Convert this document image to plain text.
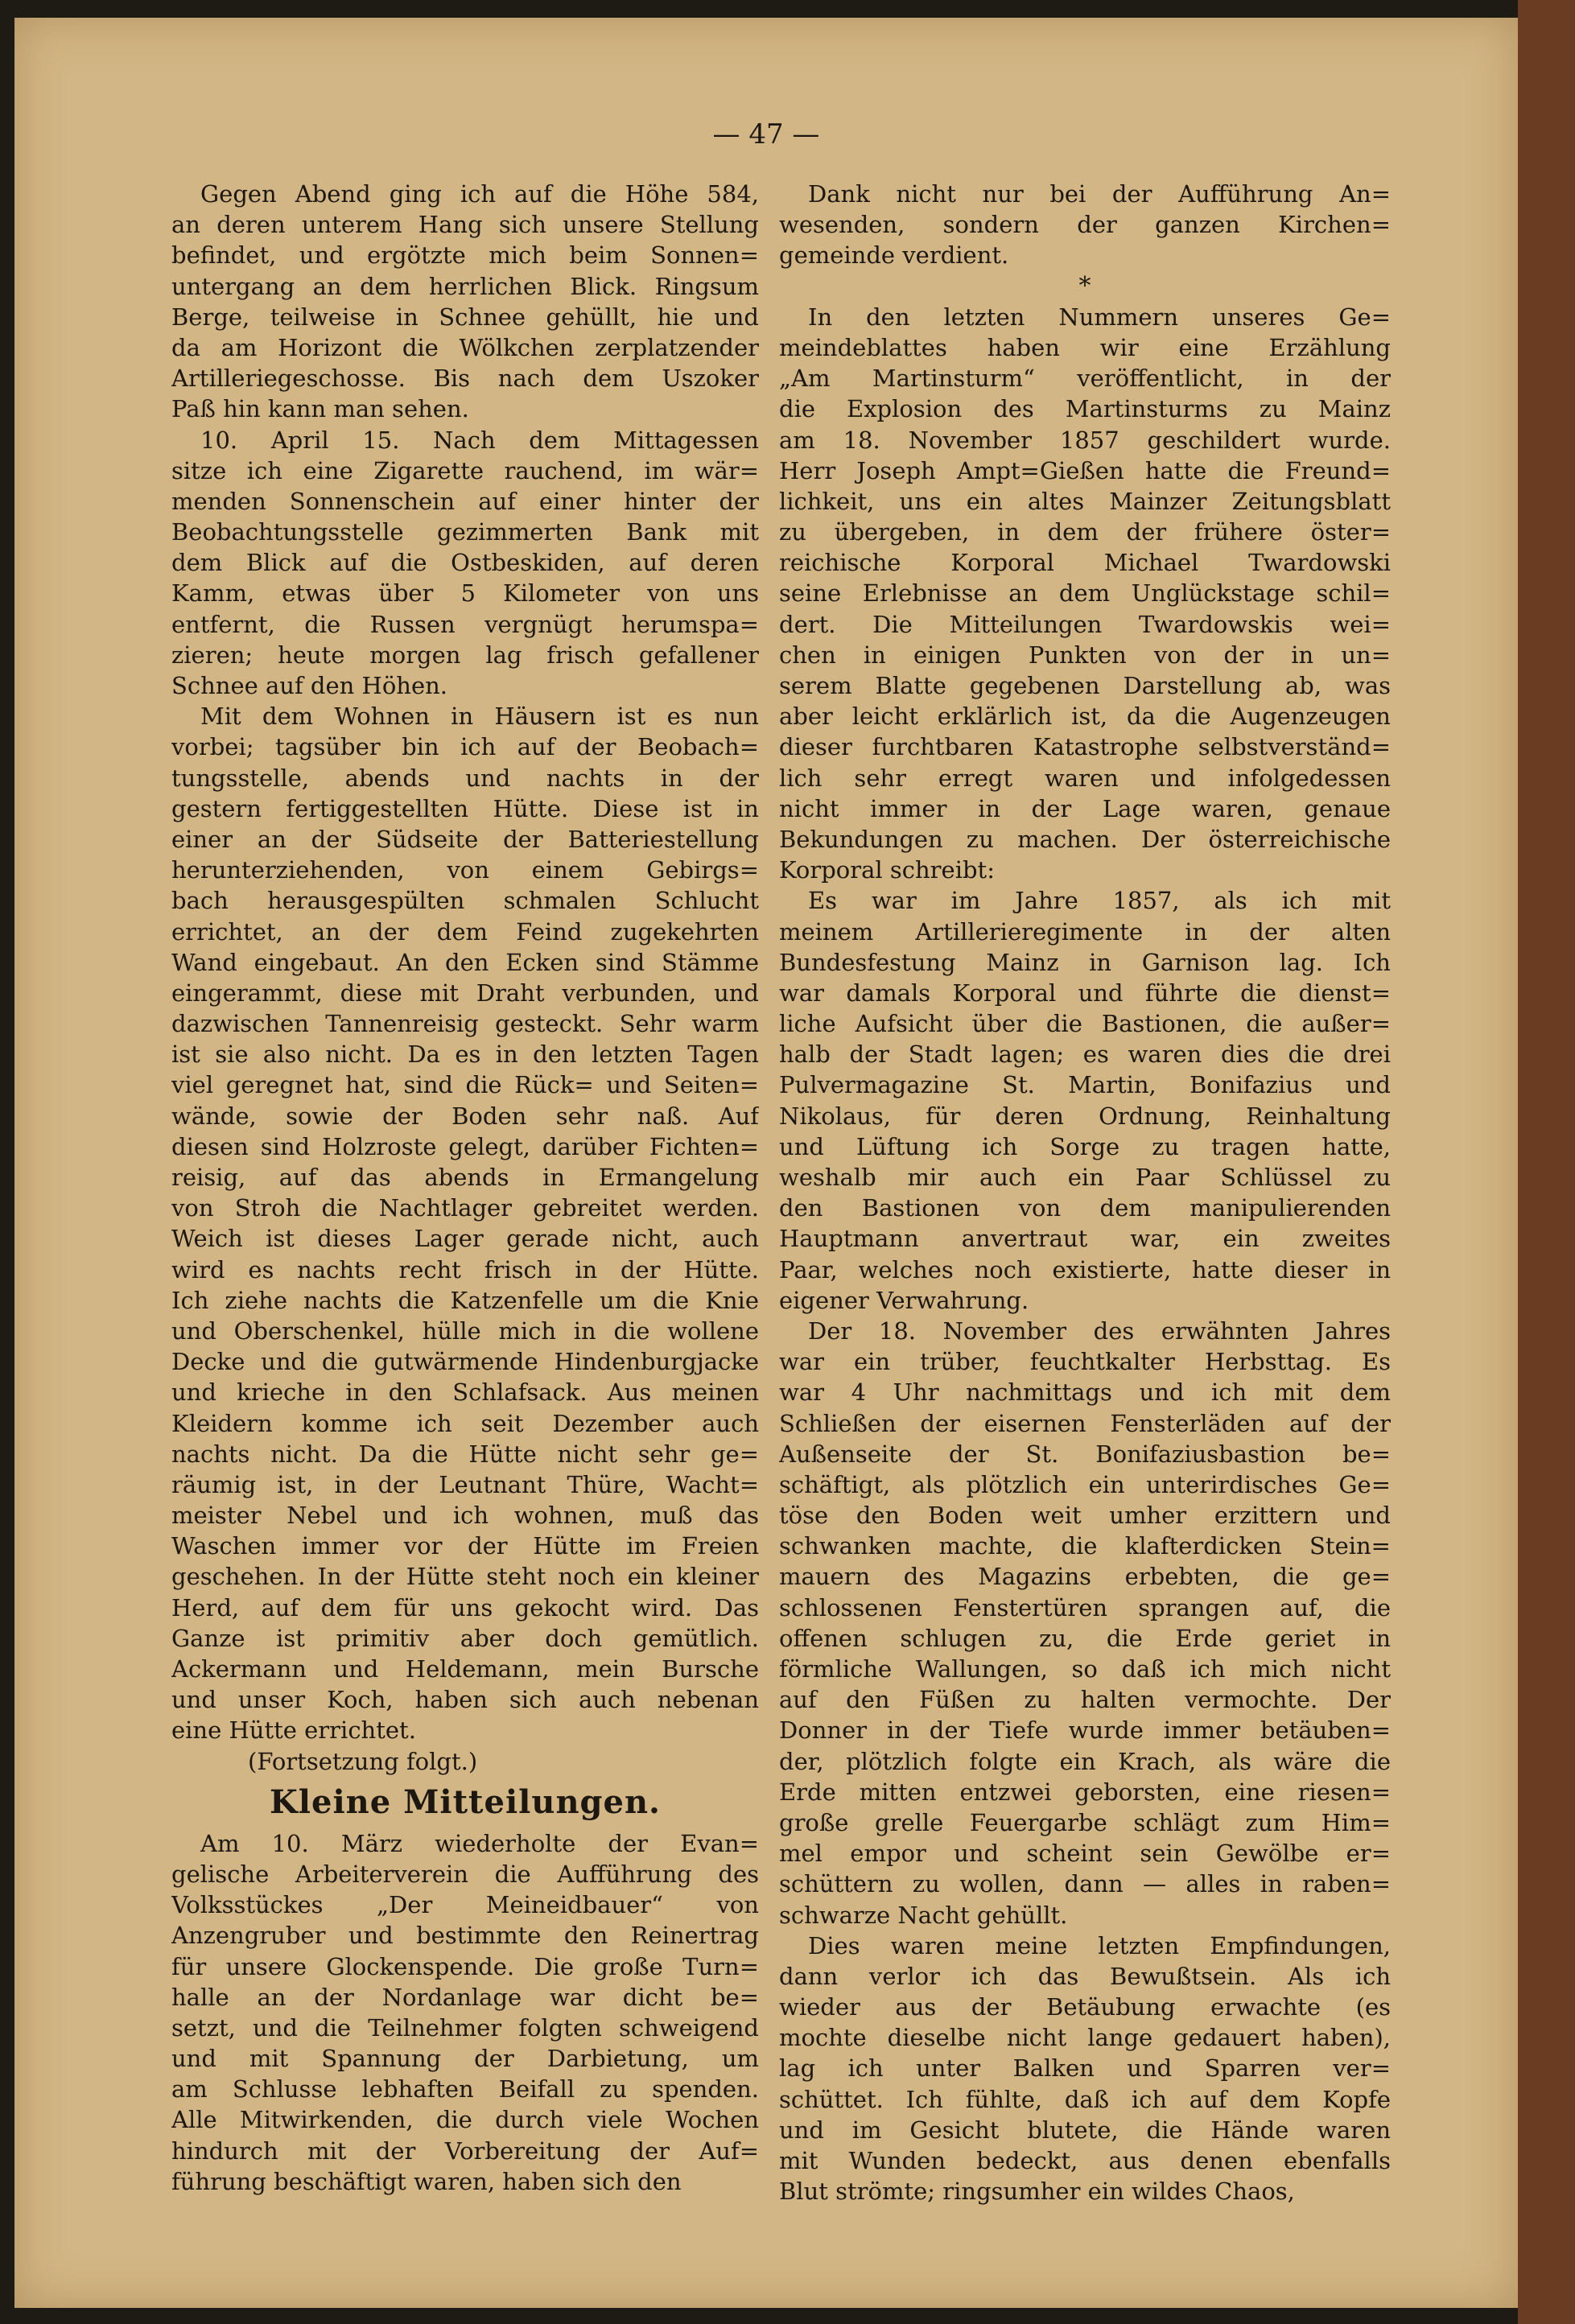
— 47 —
Gegen Abend ging ich auf die Höhe 584,
an deren unterem Hang sich unsere Stellung
befindet, und ergötzte mich beim Sonnen=
untergang an dem herrlichen Blick. Ringsum
Berge, teilweise in Schnee gehüllt, hie und
da am Horizont die Wölkchen zerplatzender
Artilleriegeschosse. Bis nach dem Uszoker
Paß hin kann man sehen.
10. April 15. Nach dem Mittagessen
sitze ich eine Zigarette rauchend, im wär=
menden Sonnenschein auf einer hinter der
Beobachtungsstelle gezimmerten Bank mit
dem Blick auf die Ostbeskiden, auf deren
Kamm, etwas über 5 Kilometer von uns
entfernt, die Russen vergnügt herumspa=
zieren; heute morgen lag frisch gefallener
Schnee auf den Höhen.
Mit dem Wohnen in Häusern ist es nun
vorbei; tagsüber bin ich auf der Beobach=
tungsstelle, abends und nachts in der
gestern fertiggestellten Hütte. Diese ist in
einer an der Südseite der Batteriestellung
herunterziehenden, von einem Gebirgs=
bach herausgespülten schmalen Schlucht
errichtet, an der dem Feind zugekehrten
Wand eingebaut. An den Ecken sind Stämme
eingerammt, diese mit Draht verbunden, und
dazwischen Tannenreisig gesteckt. Sehr warm
ist sie also nicht. Da es in den letzten Tagen
viel geregnet hat, sind die Rück= und Seiten=
wände, sowie der Boden sehr naß. Auf
diesen sind Holzroste gelegt, darüber Fichten=
reisig, auf das abends in Ermangelung
von Stroh die Nachtlager gebreitet werden.
Weich ist dieses Lager gerade nicht, auch
wird es nachts recht frisch in der Hütte.
Ich ziehe nachts die Katzenfelle um die Knie
und Oberschenkel, hülle mich in die wollene
Decke und die gutwärmende Hindenburgjacke
und krieche in den Schlafsack. Aus meinen
Kleidern komme ich seit Dezember auch
nachts nicht. Da die Hütte nicht sehr ge=
räumig ist, in der Leutnant Thüre, Wacht=
meister Nebel und ich wohnen, muß das
Waschen immer vor der Hütte im Freien
geschehen. In der Hütte steht noch ein kleiner
Herd, auf dem für uns gekocht wird. Das
Ganze ist primitiv aber doch gemütlich.
Ackermann und Heldemann, mein Bursche
und unser Koch, haben sich auch nebenan
eine Hütte errichtet.
(Fortsetzung folgt.)
Kleine Mitteilungen.
Am 10. März wiederholte der Evan=
gelische Arbeiterverein die Aufführung des
Volksstückes „Der Meineidbauer“ von
Anzengruber und bestimmte den Reinertrag
für unsere Glockenspende. Die große Turn=
halle an der Nordanlage war dicht be=
setzt, und die Teilnehmer folgten schweigend
und mit Spannung der Darbietung, um
am Schlusse lebhaften Beifall zu spenden.
Alle Mitwirkenden, die durch viele Wochen
hindurch mit der Vorbereitung der Auf=
führung beschäftigt waren, haben sich den
Dank nicht nur bei der Aufführung An=
wesenden, sondern der ganzen Kirchen=
gemeinde verdient.
*
In den letzten Nummern unseres Ge=
meindeblattes haben wir eine Erzählung
„Am Martinsturm“ veröffentlicht, in der
die Explosion des Martinsturms zu Mainz
am 18. November 1857 geschildert wurde.
Herr Joseph Ampt=Gießen hatte die Freund=
lichkeit, uns ein altes Mainzer Zeitungsblatt
zu übergeben, in dem der frühere öster=
reichische Korporal Michael Twardowski
seine Erlebnisse an dem Unglückstage schil=
dert. Die Mitteilungen Twardowskis wei=
chen in einigen Punkten von der in un=
serem Blatte gegebenen Darstellung ab, was
aber leicht erklärlich ist, da die Augenzeugen
dieser furchtbaren Katastrophe selbstverständ=
lich sehr erregt waren und infolgedessen
nicht immer in der Lage waren, genaue
Bekundungen zu machen. Der österreichische
Korporal schreibt:
Es war im Jahre 1857, als ich mit
meinem Artillerieregimente in der alten
Bundesfestung Mainz in Garnison lag. Ich
war damals Korporal und führte die dienst=
liche Aufsicht über die Bastionen, die außer=
halb der Stadt lagen; es waren dies die drei
Pulvermagazine St. Martin, Bonifazius und
Nikolaus, für deren Ordnung, Reinhaltung
und Lüftung ich Sorge zu tragen hatte,
weshalb mir auch ein Paar Schlüssel zu
den Bastionen von dem manipulierenden
Hauptmann anvertraut war, ein zweites
Paar, welches noch existierte, hatte dieser in
eigener Verwahrung.
Der 18. November des erwähnten Jahres
war ein trüber, feuchtkalter Herbsttag. Es
war 4 Uhr nachmittags und ich mit dem
Schließen der eisernen Fensterläden auf der
Außenseite der St. Bonifaziusbastion be=
schäftigt, als plötzlich ein unterirdisches Ge=
töse den Boden weit umher erzittern und
schwanken machte, die klafterdicken Stein=
mauern des Magazins erbebten, die ge=
schlossenen Fenstertüren sprangen auf, die
offenen schlugen zu, die Erde geriet in
förmliche Wallungen, so daß ich mich nicht
auf den Füßen zu halten vermochte. Der
Donner in der Tiefe wurde immer betäuben=
der, plötzlich folgte ein Krach, als wäre die
Erde mitten entzwei geborsten, eine riesen=
große grelle Feuergarbe schlägt zum Him=
mel empor und scheint sein Gewölbe er=
schüttern zu wollen, dann — alles in raben=
schwarze Nacht gehüllt.
Dies waren meine letzten Empfindungen,
dann verlor ich das Bewußtsein. Als ich
wieder aus der Betäubung erwachte (es
mochte dieselbe nicht lange gedauert haben),
lag ich unter Balken und Sparren ver=
schüttet. Ich fühlte, daß ich auf dem Kopfe
und im Gesicht blutete, die Hände waren
mit Wunden bedeckt, aus denen ebenfalls
Blut strömte; ringsumher ein wildes Chaos,
